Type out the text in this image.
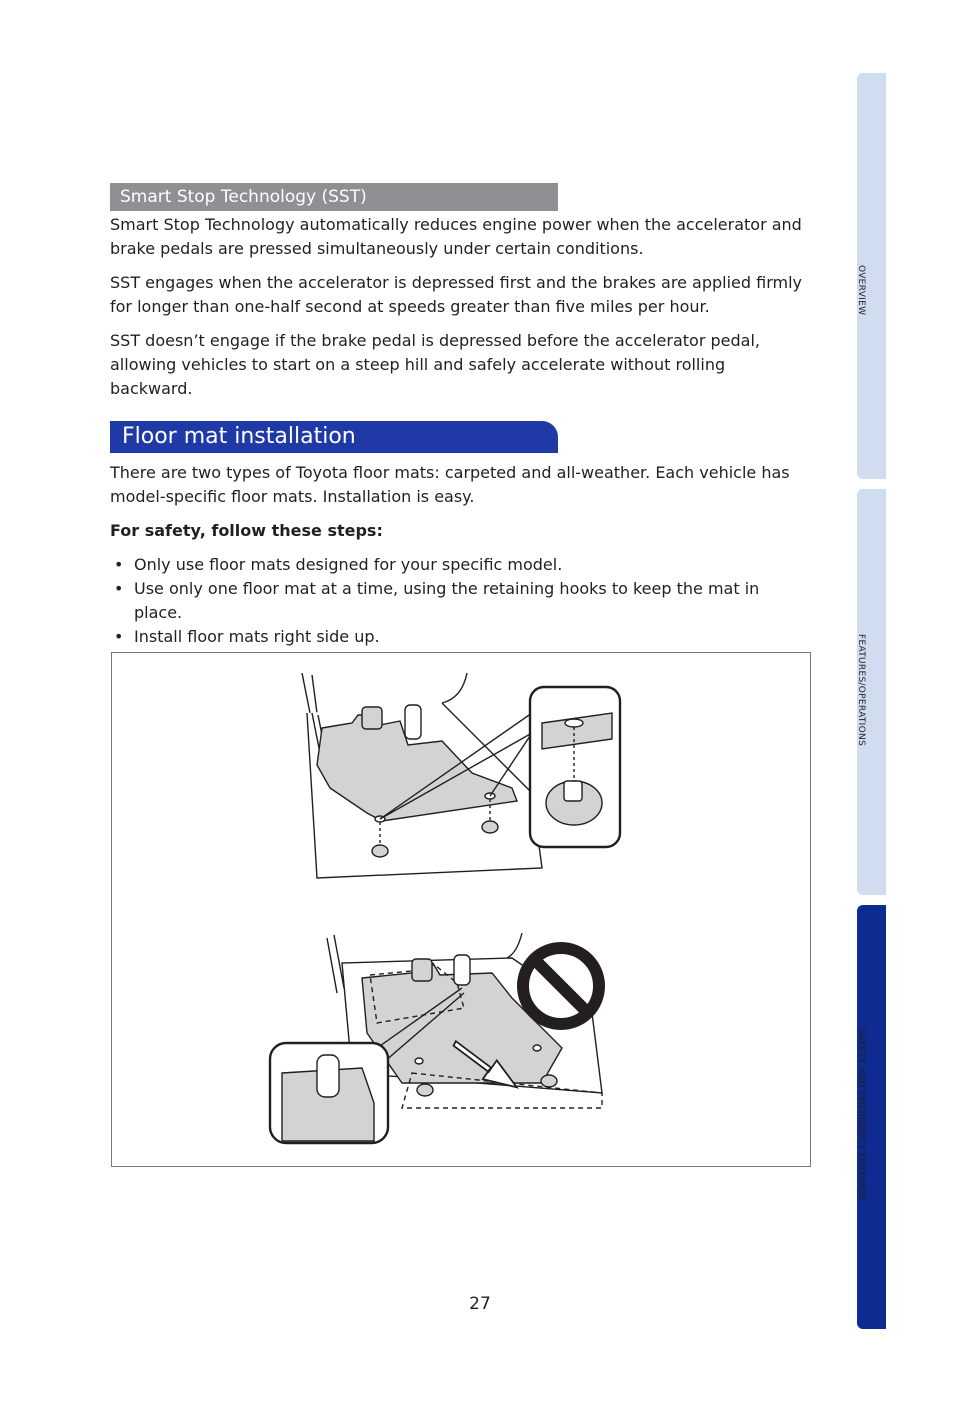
OVERVIEW
FEATURES/OPERATIONS
SAFETY AND EMERGENCY FEATURES
Smart Stop Technology (SST)

Smart Stop Technology automatically reduces engine power when the accelerator and brake pedals are pressed simultaneously under certain conditions.

SST engages when the accelerator is depressed first and the brakes are applied firmly for longer than one-half second at speeds greater than five miles per hour.

SST doesn’t engage if the brake pedal is depressed before the accelerator pedal, allowing vehicles to start on a steep hill and safely accelerate without rolling backward.

Floor mat installation

There are two types of Toyota floor mats: carpeted and all-weather. Each vehicle has model-specific floor mats. Installation is easy.

For safety, follow these steps:

• Only use floor mats designed for your specific model.
• Use only one floor mat at a time, using the retaining hooks to keep the mat in place.
• Install floor mats right side up.
27
